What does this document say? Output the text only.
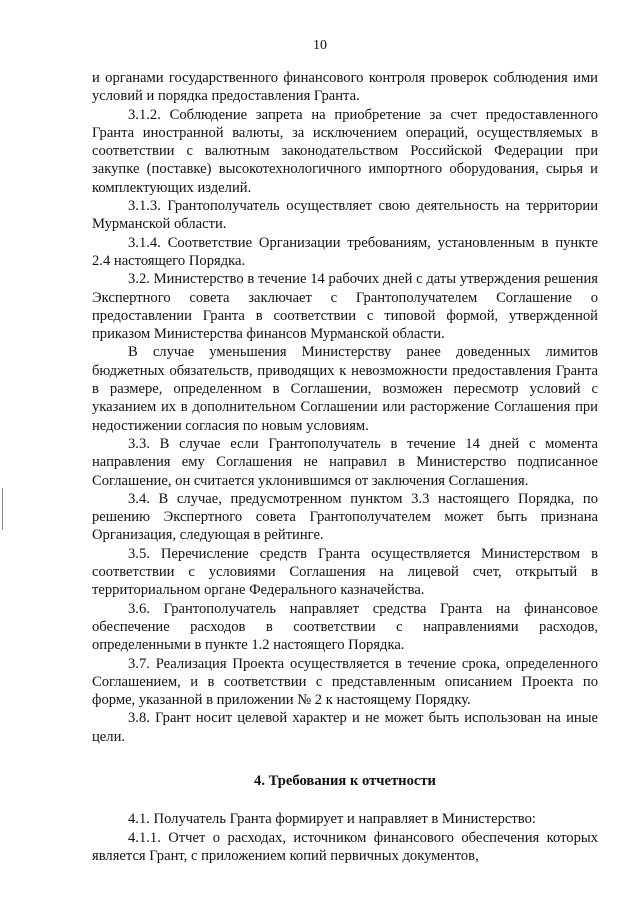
10

и органами государственного финансового контроля проверок соблюдения ими условий и порядка предоставления Гранта.

3.1.2. Соблюдение запрета на приобретение за счет предоставленного Гранта иностранной валюты, за исключением операций, осуществляемых в соответствии с валютным законодательством Российской Федерации при закупке (поставке) высокотехнологичного импортного оборудования, сырья и комплектующих изделий.

3.1.3. Грантополучатель осуществляет свою деятельность на территории Мурманской области.

3.1.4. Соответствие Организации требованиям, установленным в пункте 2.4 настоящего Порядка.

3.2. Министерство в течение 14 рабочих дней с даты утверждения решения Экспертного совета заключает с Грантополучателем Соглашение о предоставлении Гранта в соответствии с типовой формой, утвержденной приказом Министерства финансов Мурманской области.

В случае уменьшения Министерству ранее доведенных лимитов бюджетных обязательств, приводящих к невозможности предоставления Гранта в размере, определенном в Соглашении, возможен пересмотр условий с указанием их в дополнительном Соглашении или расторжение Соглашения при недостижении согласия по новым условиям.

3.3. В случае если Грантополучатель в течение 14 дней с момента направления ему Соглашения не направил в Министерство подписанное Соглашение, он считается уклонившимся от заключения Соглашения.

3.4. В случае, предусмотренном пунктом 3.3 настоящего Порядка, по решению Экспертного совета Грантополучателем может быть признана Организация, следующая в рейтинге.

3.5. Перечисление средств Гранта осуществляется Министерством в соответствии с условиями Соглашения на лицевой счет, открытый в территориальном органе Федерального казначейства.

3.6. Грантополучатель направляет средства Гранта на финансовое обеспечение расходов в соответствии с направлениями расходов, определенными в пункте 1.2 настоящего Порядка.

3.7. Реализация Проекта осуществляется в течение срока, определенного Соглашением, и в соответствии с представленным описанием Проекта по форме, указанной в приложении № 2 к настоящему Порядку.

3.8. Грант носит целевой характер и не может быть использован на иные цели.

4. Требования к отчетности

4.1. Получатель Гранта формирует и направляет в Министерство:

4.1.1. Отчет о расходах, источником финансового обеспечения которых является Грант, с приложением копий первичных документов,
